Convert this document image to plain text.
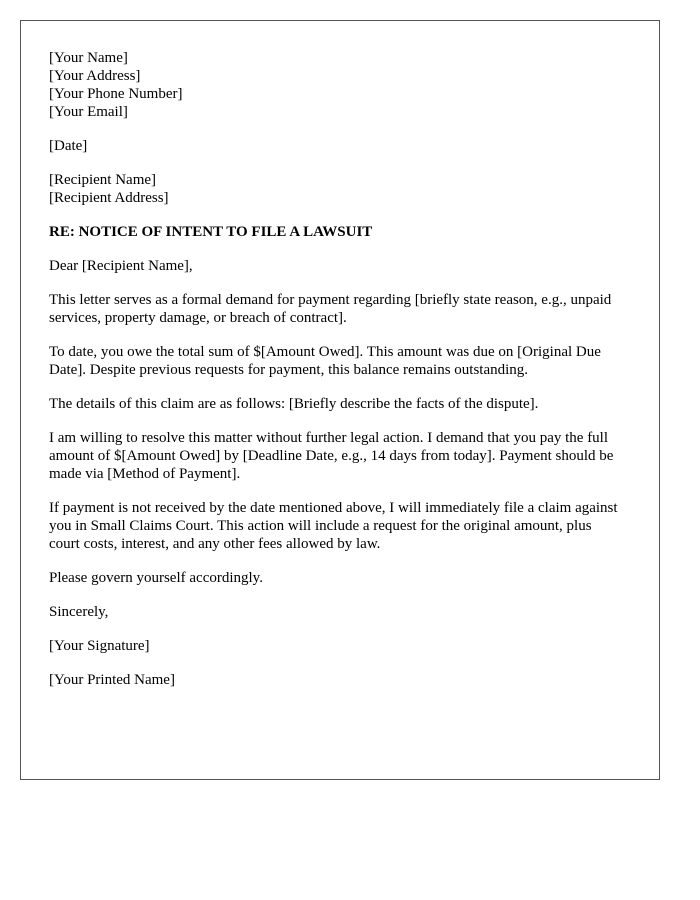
[Your Name]
[Your Address]
[Your Phone Number]
[Your Email]
[Date]
[Recipient Name]
[Recipient Address]

RE: NOTICE OF INTENT TO FILE A LAWSUIT

Dear [Recipient Name],

This letter serves as a formal demand for payment regarding [briefly state reason, e.g., unpaid services, property damage, or breach of contract].

To date, you owe the total sum of $[Amount Owed]. This amount was due on [Original Due Date]. Despite previous requests for payment, this balance remains outstanding.

The details of this claim are as follows: [Briefly describe the facts of the dispute].

I am willing to resolve this matter without further legal action. I demand that you pay the full amount of $[Amount Owed] by [Deadline Date, e.g., 14 days from today]. Payment should be made via [Method of Payment].

If payment is not received by the date mentioned above, I will immediately file a claim against you in Small Claims Court. This action will include a request for the original amount, plus court costs, interest, and any other fees allowed by law.

Please govern yourself accordingly.

Sincerely,

[Your Signature]

[Your Printed Name]
